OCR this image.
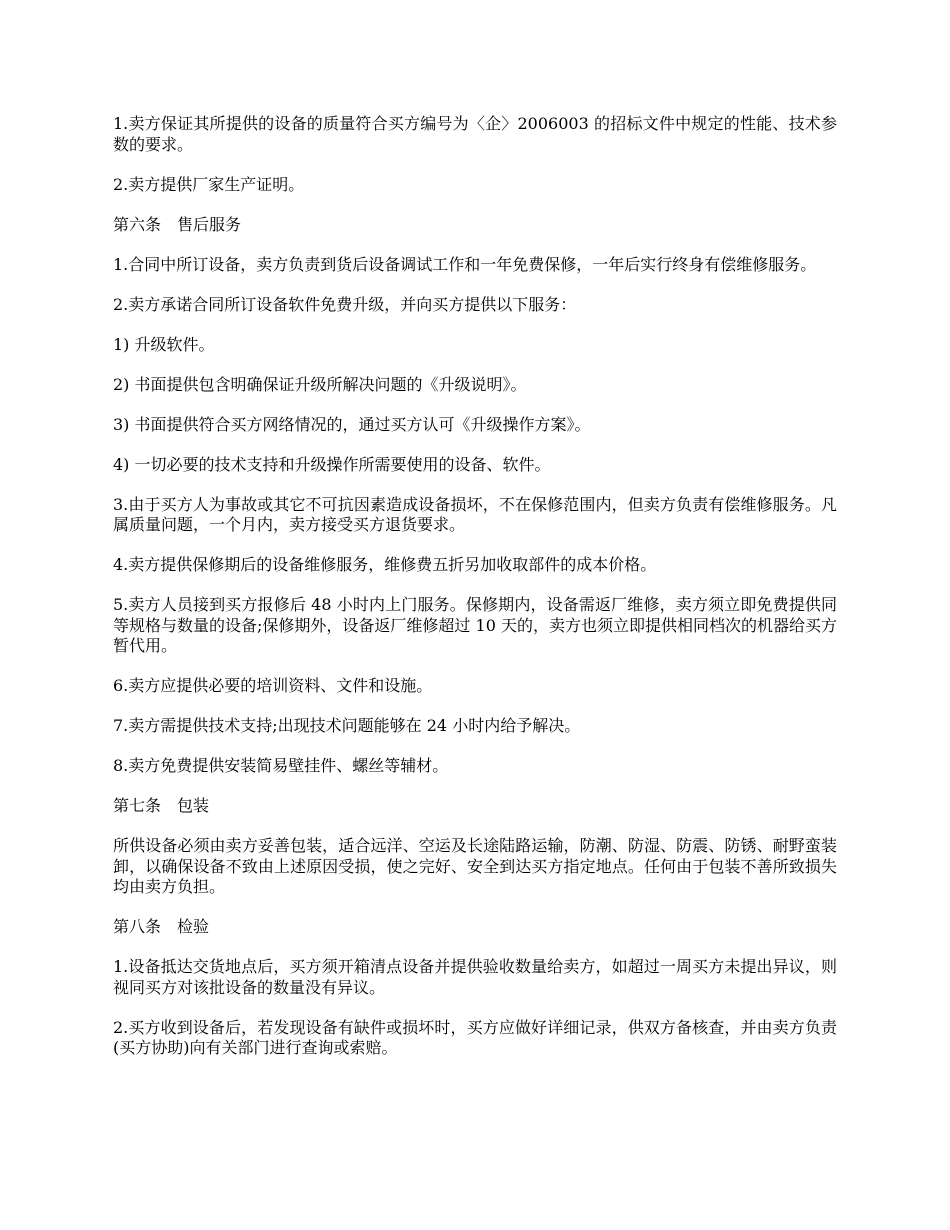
1.卖方保证其所提供的设备的质量符合买方编号为〈企〉2006003 的招标文件中规定的性能、技术参数的要求。

2.卖方提供厂家生产证明。

第六条　售后服务

1.合同中所订设备，卖方负责到货后设备调试工作和一年免费保修，一年后实行终身有偿维修服务。

2.卖方承诺合同所订设备软件免费升级，并向买方提供以下服务：

1) 升级软件。

2) 书面提供包含明确保证升级所解决问题的《升级说明》。

3) 书面提供符合买方网络情况的，通过买方认可《升级操作方案》。

4) 一切必要的技术支持和升级操作所需要使用的设备、软件。

3.由于买方人为事故或其它不可抗因素造成设备损坏，不在保修范围内，但卖方负责有偿维修服务。凡属质量问题，一个月内，卖方接受买方退货要求。

4.卖方提供保修期后的设备维修服务，维修费五折另加收取部件的成本价格。

5.卖方人员接到买方报修后 48 小时内上门服务。保修期内，设备需返厂维修，卖方须立即免费提供同等规格与数量的设备;保修期外，设备返厂维修超过 10 天的，卖方也须立即提供相同档次的机器给买方暂代用。

6.卖方应提供必要的培训资料、文件和设施。

7.卖方需提供技术支持;出现技术问题能够在 24 小时内给予解决。

8.卖方免费提供安装简易壁挂件、螺丝等辅材。

第七条　包装

所供设备必须由卖方妥善包装，适合远洋、空运及长途陆路运输，防潮、防湿、防震、防锈、耐野蛮装卸，以确保设备不致由上述原因受损，使之完好、安全到达买方指定地点。任何由于包装不善所致损失均由卖方负担。

第八条　检验

1.设备抵达交货地点后，买方须开箱清点设备并提供验收数量给卖方，如超过一周买方未提出异议，则视同买方对该批设备的数量没有异议。

2.买方收到设备后，若发现设备有缺件或损坏时，买方应做好详细记录，供双方备核查，并由卖方负责(买方协助)向有关部门进行查询或索赔。
